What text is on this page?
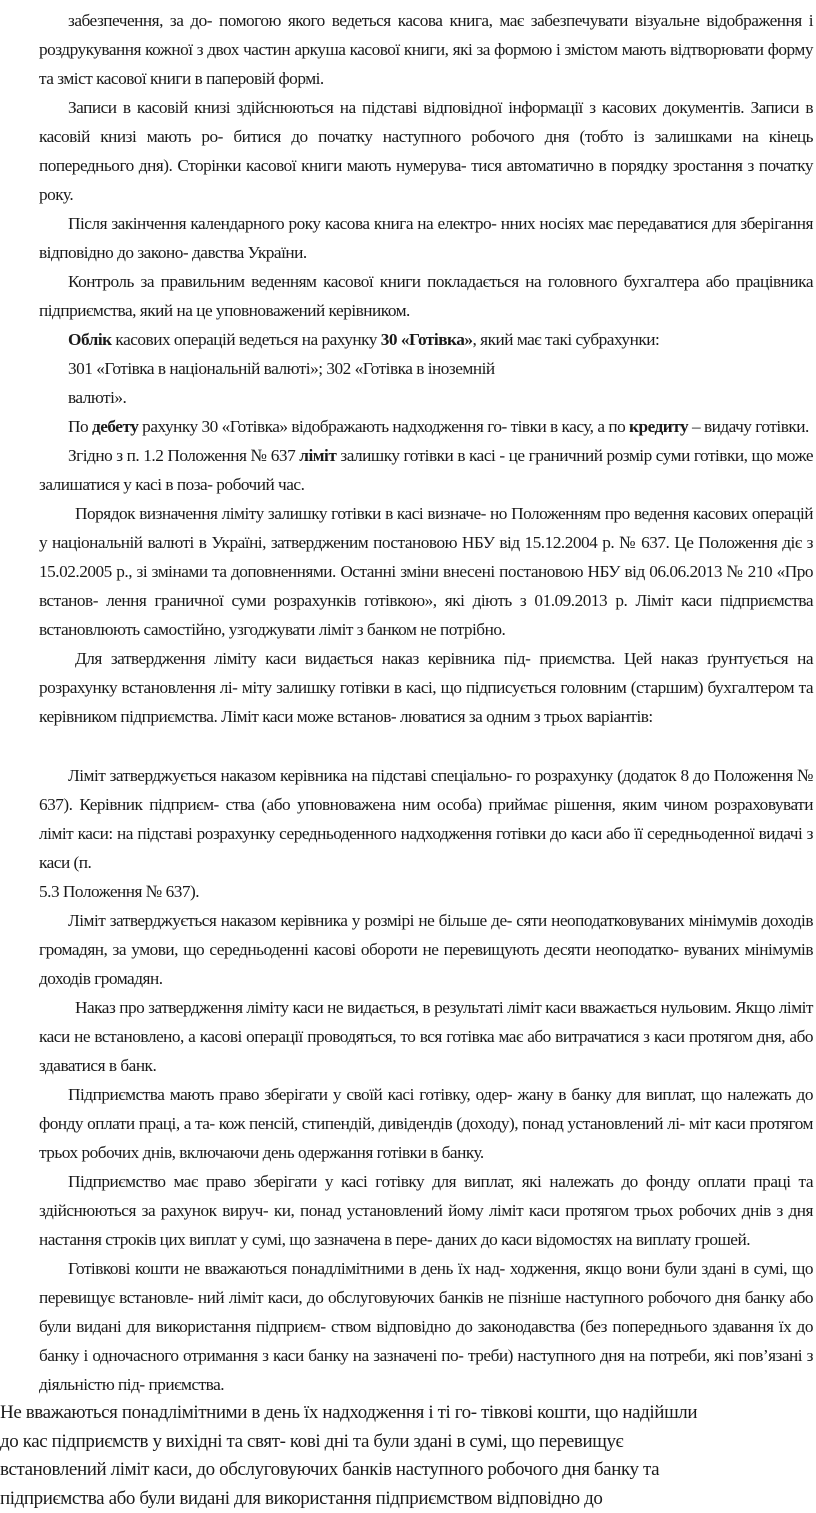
забезпечення, за до- помогою якого ведеться касова книга, має забезпечувати візуальне відображення і роздрукування кожної з двох частин аркуша касової книги, які за формою і змістом мають відтворювати форму та зміст касової книги в паперовій формі.

Записи в касовій книзі здійснюються на підставі відповідної інформації з касових документів. Записи в касовій книзі мають ро- битися до початку наступного робочого дня (тобто із залишками на кінець попереднього дня). Сторінки касової книги мають нумерува- тися автоматично в порядку зростання з початку року.

Після закінчення календарного року касова книга на електро- нних носіях має передаватися для зберігання відповідно до законо- давства України.

Контроль за правильним веденням касової книги покладається на головного бухгалтера або працівника підприємства, який на це уповноважений керівником.

Облік касових операцій ведеться на рахунку 30 «Готівка», який має такі субрахунки:

301 «Готівка в національній валюті»; 302 «Готівка в іноземній

валюті».

По дебету рахунку 30 «Готівка» відображають надходження го- тівки в касу, а по кредиту – видачу готівки.

Згідно з п. 1.2 Положення № 637 ліміт залишку готівки в касі - це граничний розмір суми готівки, що може залишатися у касі в поза- робочий час.

Порядок визначення ліміту залишку готівки в касі визначе- но Положенням про ведення касових операцій у національній валюті в Україні, затвердженим постановою НБУ від 15.12.2004 р. № 637. Це Положення діє з 15.02.2005 р., зі змінами та доповненнями. Останні зміни внесені постановою НБУ від 06.06.2013 № 210 «Про встанов- лення граничної суми розрахунків готівкою», які діють з 01.09.2013 р. Ліміт каси підприємства встановлюють самостійно, узгоджувати ліміт з банком не потрібно.

Для затвердження ліміту каси видається наказ керівника під- приємства. Цей наказ ґрунтується на розрахунку встановлення лі- міту залишку готівки в касі, що підписується головним (старшим) бухгалтером та керівником підприємства. Ліміт каси може встанов- люватися за одним з трьох варіантів:

Ліміт затверджується наказом керівника на підставі спеціально- го розрахунку (додаток 8 до Положення № 637). Керівник підприєм- ства (або уповноважена ним особа) приймає рішення, яким чином розраховувати ліміт каси: на підставі розрахунку середньоденного надходження готівки до каси або її середньоденної видачі з каси (п.

5.3 Положення № 637).

Ліміт затверджується наказом керівника у розмірі не більше де- сяти неоподатковуваних мінімумів доходів громадян, за умови, що середньоденні касові обороти не перевищують десяти неоподатко- вуваних мінімумів доходів громадян.

Наказ про затвердження ліміту каси не видається, в результаті ліміт каси вважається нульовим. Якщо ліміт каси не встановлено, а касові операції проводяться, то вся готівка має або витрачатися з каси протягом дня, або здаватися в банк.

Підприємства мають право зберігати у своїй касі готівку, одер- жану в банку для виплат, що належать до фонду оплати праці, а та- кож пенсій, стипендій, дивідендів (доходу), понад установлений лі- міт каси протягом трьох робочих днів, включаючи день одержання готівки в банку.

Підприємство має право зберігати у касі готівку для виплат, які належать до фонду оплати праці та здійснюються за рахунок вируч- ки, понад установлений йому ліміт каси протягом трьох робочих днів з дня настання строків цих виплат у сумі, що зазначена в пере- даних до каси відомостях на виплату грошей.

Готівкові кошти не вважаються понадлімітними в день їх над- ходження, якщо вони були здані в сумі, що перевищує встановле- ний ліміт каси, до обслуговуючих банків не пізніше наступного робочого дня банку або були видані для використання підприєм- ством відповідно до законодавства (без попереднього здавання їх до банку і одночасного отримання з каси банку на зазначені по- треби) наступного дня на потреби, які пов’язані з діяльністю під- приємства.

Не вважаються понадлімітними в день їх надходження і ті го- тівкові кошти, що надійшли
до кас підприємств у вихідні та свят- кові дні та були здані в сумі, що перевищує
встановлений ліміт каси, до обслуговуючих банків наступного робочого дня банку та
підприємства або були видані для використання підприємством відповідно до
